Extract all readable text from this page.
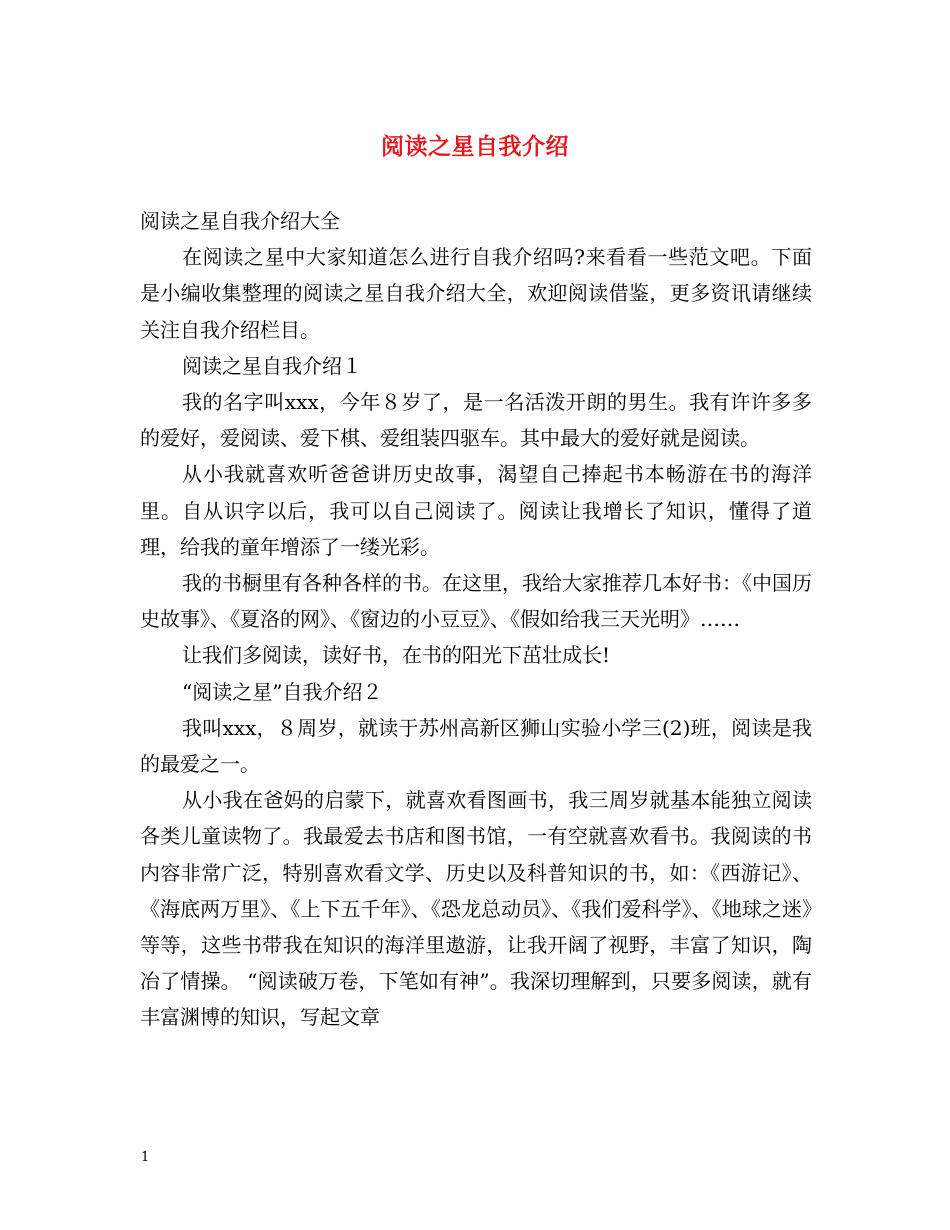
阅读之星自我介绍

阅读之星自我介绍大全

在阅读之星中大家知道怎么进行自我介绍吗?来看看一些范文吧。下面是小编收集整理的阅读之星自我介绍大全，欢迎阅读借鉴，更多资讯请继续关注自我介绍栏目。

阅读之星自我介绍１

我的名字叫xxx，今年８岁了，是一名活泼开朗的男生。我有许许多多的爱好，爱阅读、爱下棋、爱组装四驱车。其中最大的爱好就是阅读。

从小我就喜欢听爸爸讲历史故事，渴望自己捧起书本畅游在书的海洋里。自从识字以后，我可以自己阅读了。阅读让我增长了知识，懂得了道理，给我的童年增添了一缕光彩。

我的书橱里有各种各样的书。在这里，我给大家推荐几本好书：《中国历史故事》、《夏洛的网》、《窗边的小豆豆》、《假如给我三天光明》……

让我们多阅读，读好书，在书的阳光下茁壮成长!

“阅读之星”自我介绍２

我叫xxx，８周岁，就读于苏州高新区狮山实验小学三(2)班，阅读是我的最爱之一。

从小我在爸妈的启蒙下，就喜欢看图画书，我三周岁就基本能独立阅读各类儿童读物了。我最爱去书店和图书馆，一有空就喜欢看书。我阅读的书内容非常广泛，特别喜欢看文学、历史以及科普知识的书，如：《西游记》、《海底两万里》、《上下五千年》、《恐龙总动员》、《我们爱科学》、《地球之迷》等等，这些书带我在知识的海洋里遨游，让我开阔了视野，丰富了知识，陶冶了情操。 “阅读破万卷，下笔如有神”。我深切理解到，只要多阅读，就有丰富渊博的知识，写起文章

1
